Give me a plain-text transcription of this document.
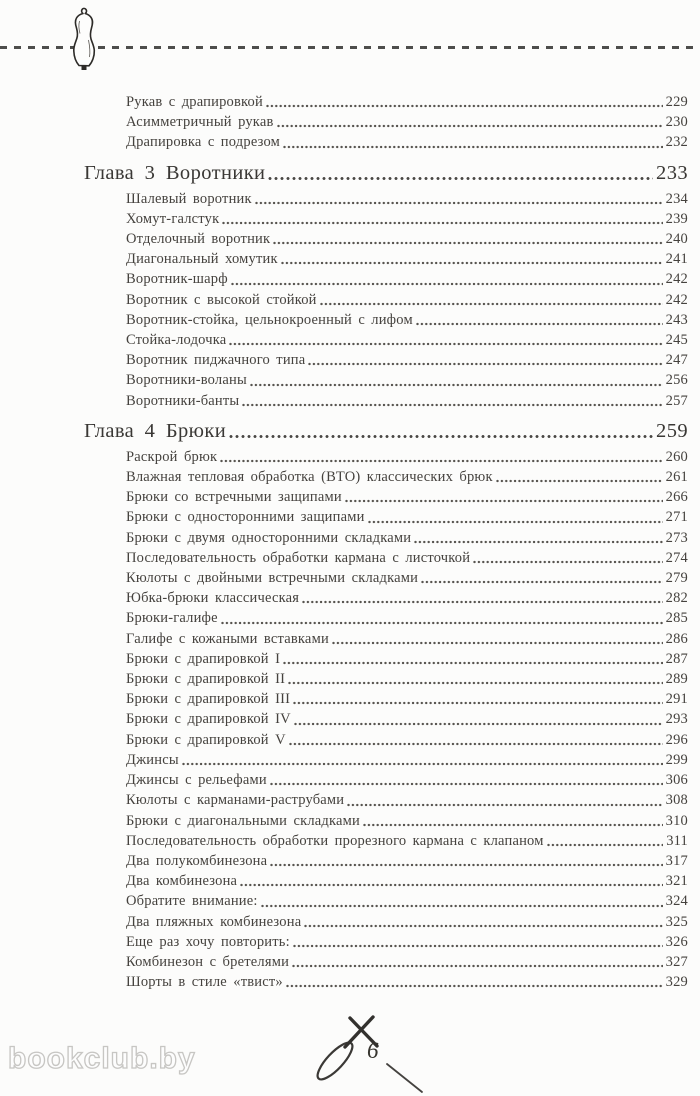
Рукав с драпировкой	229
Асимметричный рукав	230
Драпировка с подрезом	232
Глава 3 Воротники	233
Шалевый воротник	234
Хомут-галстук	239
Отделочный воротник	240
Диагональный хомутик	241
Воротник-шарф	242
Воротник с высокой стойкой	242
Воротник-стойка, цельнокроенный с лифом	243
Стойка-лодочка	245
Воротник пиджачного типа	247
Воротники-воланы	256
Воротники-банты	257
Глава 4 Брюки	259
Раскрой брюк	260
Влажная тепловая обработка (ВТО) классических брюк	261
Брюки со встречными защипами	266
Брюки с односторонними защипами	271
Брюки с двумя односторонними складками	273
Последовательность обработки кармана с листочкой	274
Кюлоты с двойными встречными складками	279
Юбка-брюки классическая	282
Брюки-галифе	285
Галифе с кожаными вставками	286
Брюки с драпировкой I	287
Брюки с драпировкой II	289
Брюки с драпировкой III	291
Брюки с драпировкой IV	293
Брюки с драпировкой V	296
Джинсы	299
Джинсы с рельефами	306
Кюлоты с карманами-раструбами	308
Брюки с диагональными складками	310
Последовательность обработки прорезного кармана с клапаном	311
Два полукомбинезона	317
Два комбинезона	321
Обратите внимание:	324
Два пляжных комбинезона	325
Еще раз хочу повторить:	326
Комбинезон с бретелями	327
Шорты в стиле «твист»	329
6
bookclub.by
